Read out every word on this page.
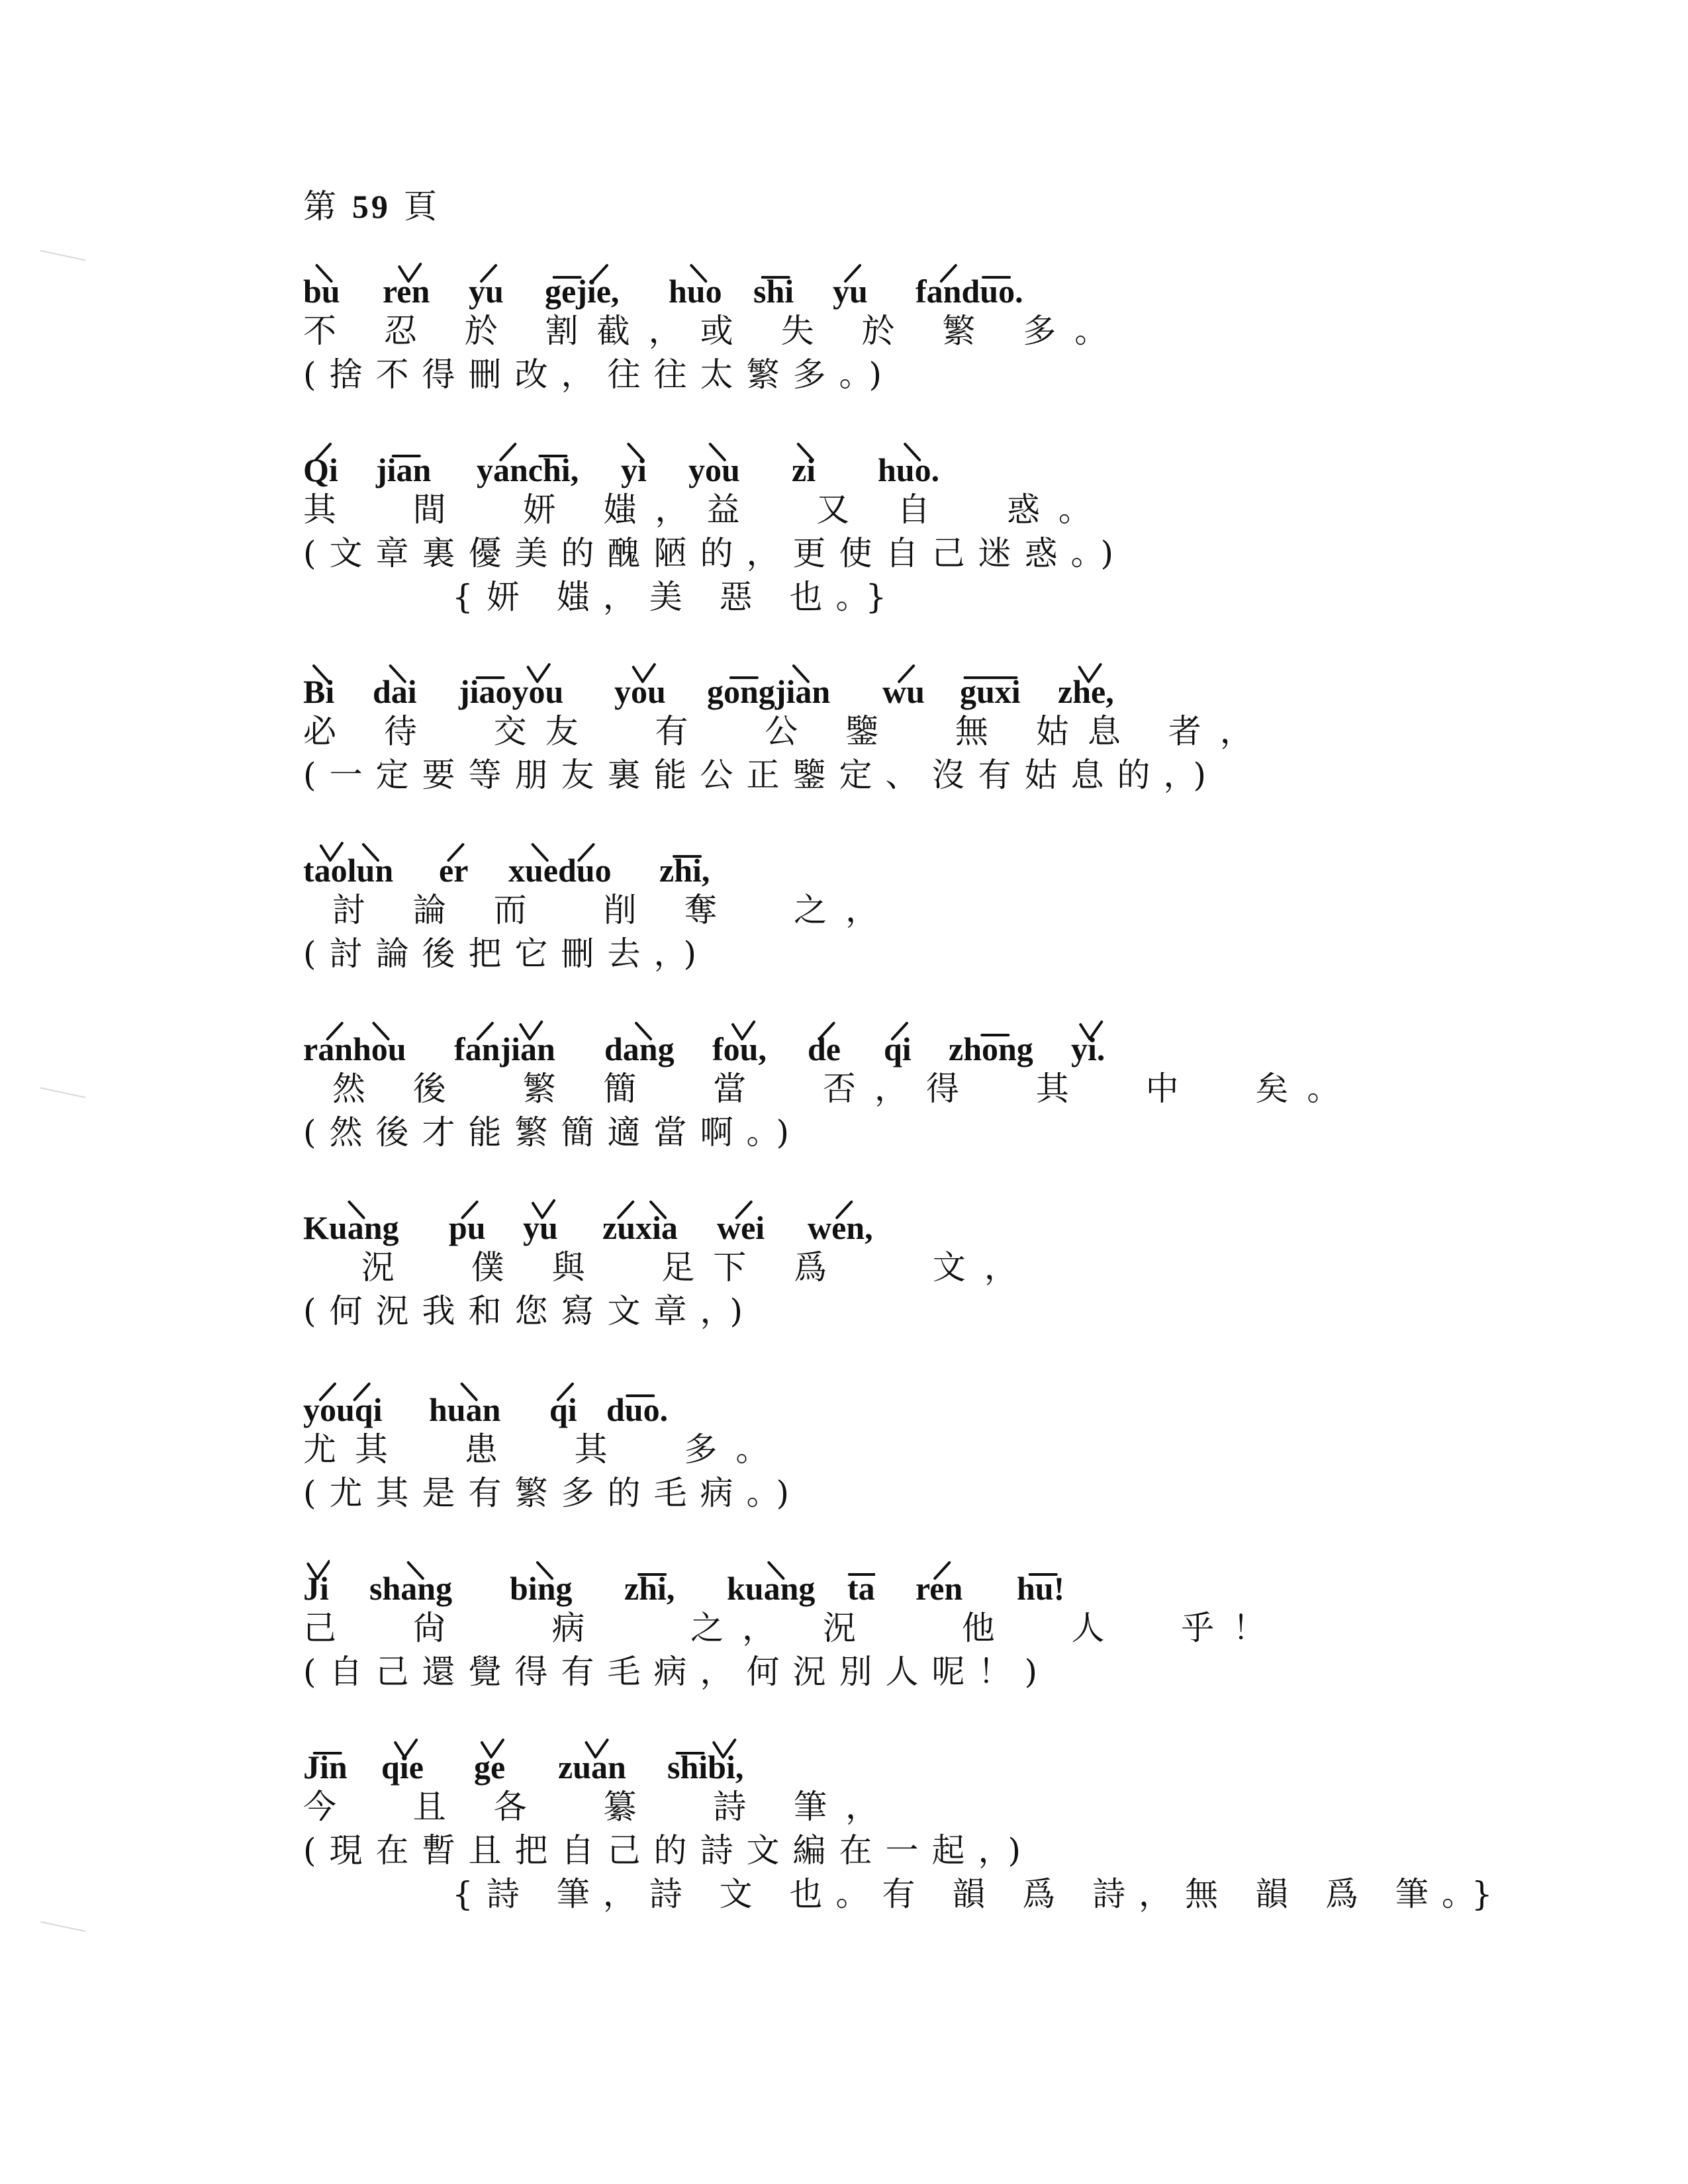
第 59 頁
bu ren yu gejie, huo shi yu fanduo.
不 忍 於 割截，或 失 於 繁 多。
(捨不得刪改，往往太繁多。)
Qi jian yanchi, yi you zi huo.
其  間  妍 媸，益  又 自  惑。
(文章裏優美的醜陋的，更使自己迷惑。)
{妍 媸，美 惡 也。}
Bi dai jiaoyou you gongjian wu guxi zhe,
必 待  交友  有  公 鑒  無 姑息 者，
(一定要等朋友裏能公正鑒定、沒有姑息的，)
taolun er xueduo zhi,
討 論 而  削 奪  之，
(討論後把它刪去，)
ranhou fanjian dang fou, de qi zhong yi.
然 後  繁 簡  當  否，得  其  中  矣。
(然後才能繁簡適當啊。)
Kuang pu yu zuxia wei wen,
況  僕 與  足下 爲   文，
(何況我和您寫文章，)
youqi huan qi duo.
尤其  患  其  多。
(尤其是有繁多的毛病。)
Ji shang bing zhi, kuang ta ren hu!
己  尙   病   之， 況   他  人  乎！
(自己還覺得有毛病，何況別人呢！)
Jin qie ge zuan shibi,
今  且 各  纂  詩 筆，
(現在暫且把自己的詩文編在一起，)
{詩 筆，詩 文 也。有 韻 爲 詩，無 韻 爲 筆。}
